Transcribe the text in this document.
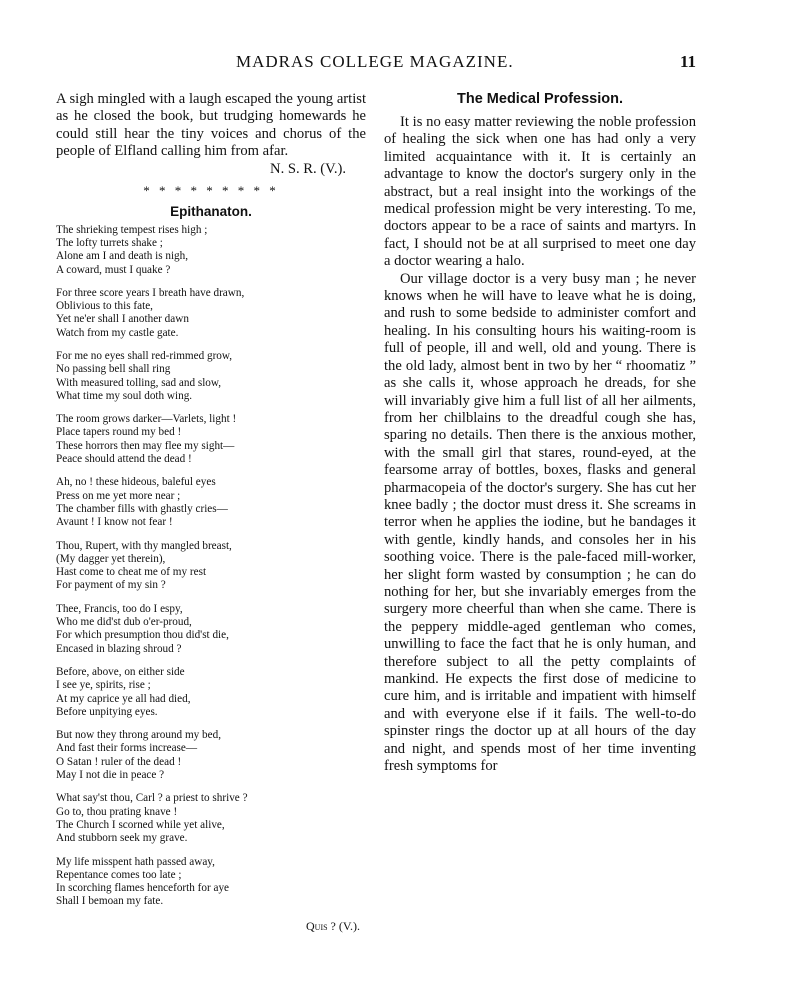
MADRAS COLLEGE MAGAZINE.	11

A sigh mingled with a laugh escaped the young artist as he closed the book, but trudging homewards he could still hear the tiny voices and chorus of the people of Elfland calling him from afar.

N. S. R. (V.).

* * * * * * * * *
Epithanaton.
The shrieking tempest rises high ;
The lofty turrets shake ;
Alone am I and death is nigh,
A coward, must I quake ?
For three score years I breath have drawn,
Oblivious to this fate,
Yet ne'er shall I another dawn
Watch from my castle gate.
For me no eyes shall red-rimmed grow,
No passing bell shall ring
With measured tolling, sad and slow,
What time my soul doth wing.
The room grows darker—Varlets, light !
Place tapers round my bed !
These horrors then may flee my sight—
Peace should attend the dead !
Ah, no ! these hideous, baleful eyes
Press on me yet more near ;
The chamber fills with ghastly cries—
Avaunt ! I know not fear !
Thou, Rupert, with thy mangled breast,
(My dagger yet therein),
Hast come to cheat me of my rest
For payment of my sin ?
Thee, Francis, too do I espy,
Who me did'st dub o'er-proud,
For which presumption thou did'st die,
Encased in blazing shroud ?
Before, above, on either side
I see ye, spirits, rise ;
At my caprice ye all had died,
Before unpitying eyes.
But now they throng around my bed,
And fast their forms increase—
O Satan ! ruler of the dead !
May I not die in peace ?
What say'st thou, Carl ? a priest to shrive ?
Go to, thou prating knave !
The Church I scorned while yet alive,
And stubborn seek my grave.
My life misspent hath passed away,
Repentance comes too late ;
In scorching flames henceforth for aye
Shall I bemoan my fate.
Quis ? (V.).
The Medical Profession.

It is no easy matter reviewing the noble profession of healing the sick when one has had only a very limited acquaintance with it. It is certainly an advantage to know the doctor's surgery only in the abstract, but a real insight into the workings of the medical profession might be very interesting. To me, doctors appear to be a race of saints and martyrs. In fact, I should not be at all surprised to meet one day a doctor wearing a halo.

Our village doctor is a very busy man ; he never knows when he will have to leave what he is doing, and rush to some bedside to administer comfort and healing. In his consulting hours his waiting-room is full of people, ill and well, old and young. There is the old lady, almost bent in two by her “ rhoomatiz ” as she calls it, whose approach he dreads, for she will invariably give him a full list of all her ailments, from her chilblains to the dreadful cough she has, sparing no details. Then there is the anxious mother, with the small girl that stares, round-eyed, at the fearsome array of bottles, boxes, flasks and general pharmacopeia of the doctor's surgery. She has cut her knee badly ; the doctor must dress it. She screams in terror when he applies the iodine, but he bandages it with gentle, kindly hands, and consoles her in his soothing voice. There is the pale-faced mill-worker, her slight form wasted by consumption ; he can do nothing for her, but she invariably emerges from the surgery more cheerful than when she came. There is the peppery middle-aged gentleman who comes, unwilling to face the fact that he is only human, and therefore subject to all the petty complaints of mankind. He expects the first dose of medicine to cure him, and is irritable and impatient with himself and with everyone else if it fails. The well-to-do spinster rings the doctor up at all hours of the day and night, and spends most of her time inventing fresh symptoms for
